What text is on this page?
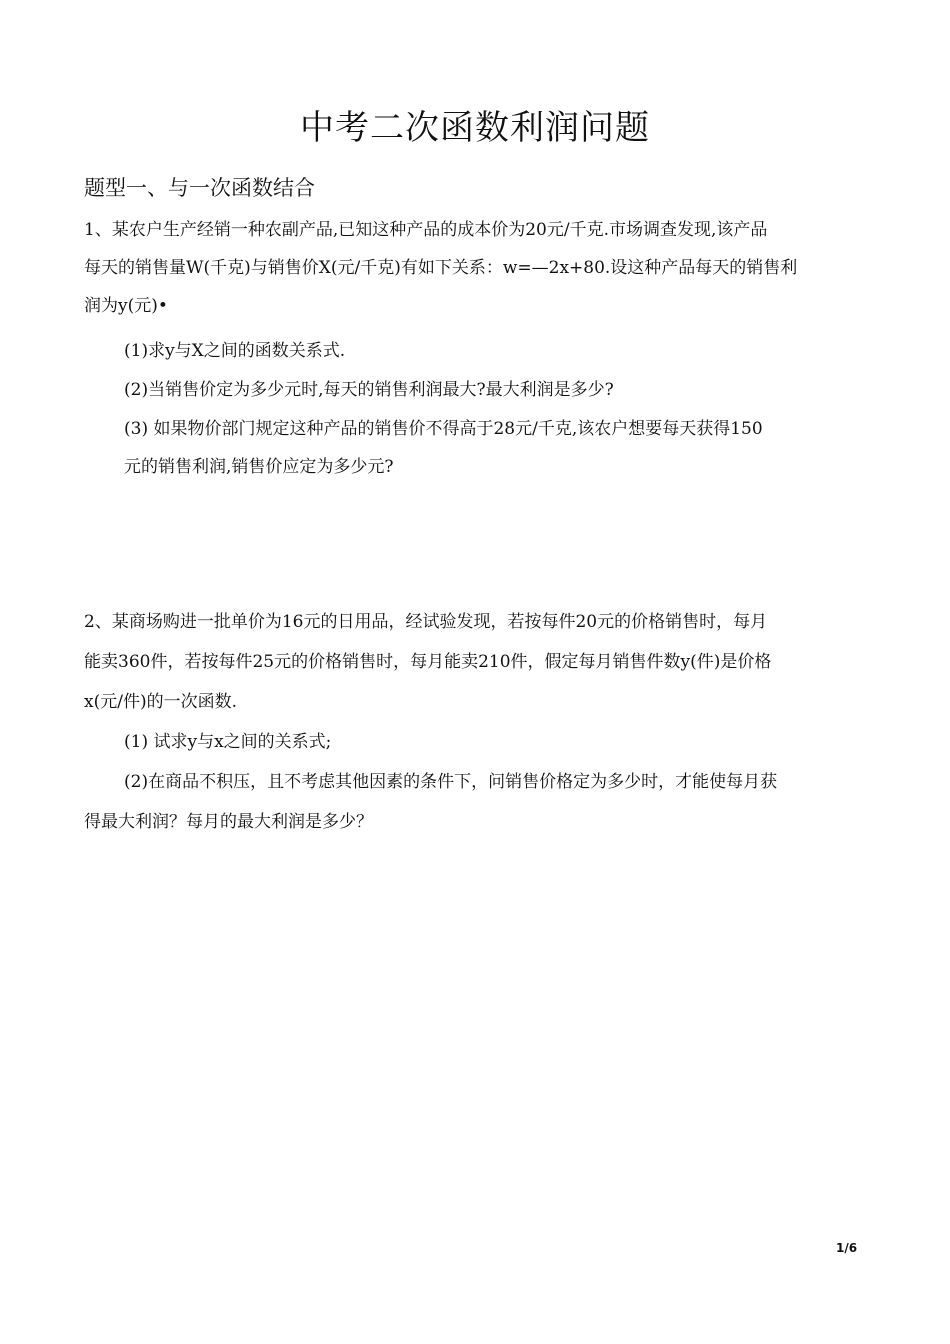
中考二次函数利润问题
题型一、与一次函数结合
1、某农户生产经销一种农副产品,已知这种产品的成本价为20元/千克.市场调查发现,该产品
每天的销售量W(千克)与销售价X(元/千克)有如下关系：w=—2x+80.设这种产品每天的销售利
润为y(元)•
(1)求y与X之间的函数关系式.
(2)当销售价定为多少元时,每天的销售利润最大?最大利润是多少?
(3) 如果物价部门规定这种产品的销售价不得高于28元/千克,该农户想要每天获得150
元的销售利润,销售价应定为多少元?
2、某商场购进一批单价为16元的日用品，经试验发现，若按每件20元的价格销售时，每月
能卖360件，若按每件25元的价格销售时，每月能卖210件，假定每月销售件数y(件)是价格
x(元/件)的一次函数.
(1) 试求y与x之间的关系式;
(2)在商品不积压，且不考虑其他因素的条件下，问销售价格定为多少时，才能使每月获
得最大利润？每月的最大利润是多少？
1/6
